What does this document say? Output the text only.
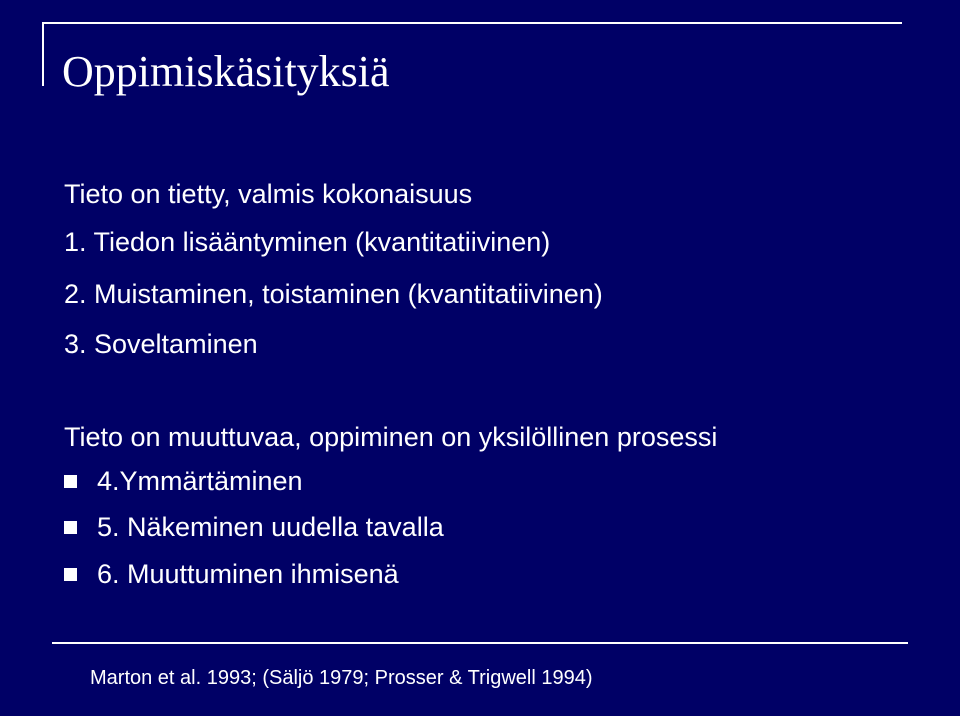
Oppimiskäsityksiä
Tieto on tietty, valmis kokonaisuus
1. Tiedon lisääntyminen (kvantitatiivinen)
2. Muistaminen, toistaminen (kvantitatiivinen)
3. Soveltaminen
Tieto on muuttuvaa, oppiminen on yksilöllinen prosessi
4.Ymmärtäminen
5. Näkeminen uudella tavalla
6. Muuttuminen ihmisenä
Marton et al. 1993; (Säljö 1979; Prosser & Trigwell 1994)
